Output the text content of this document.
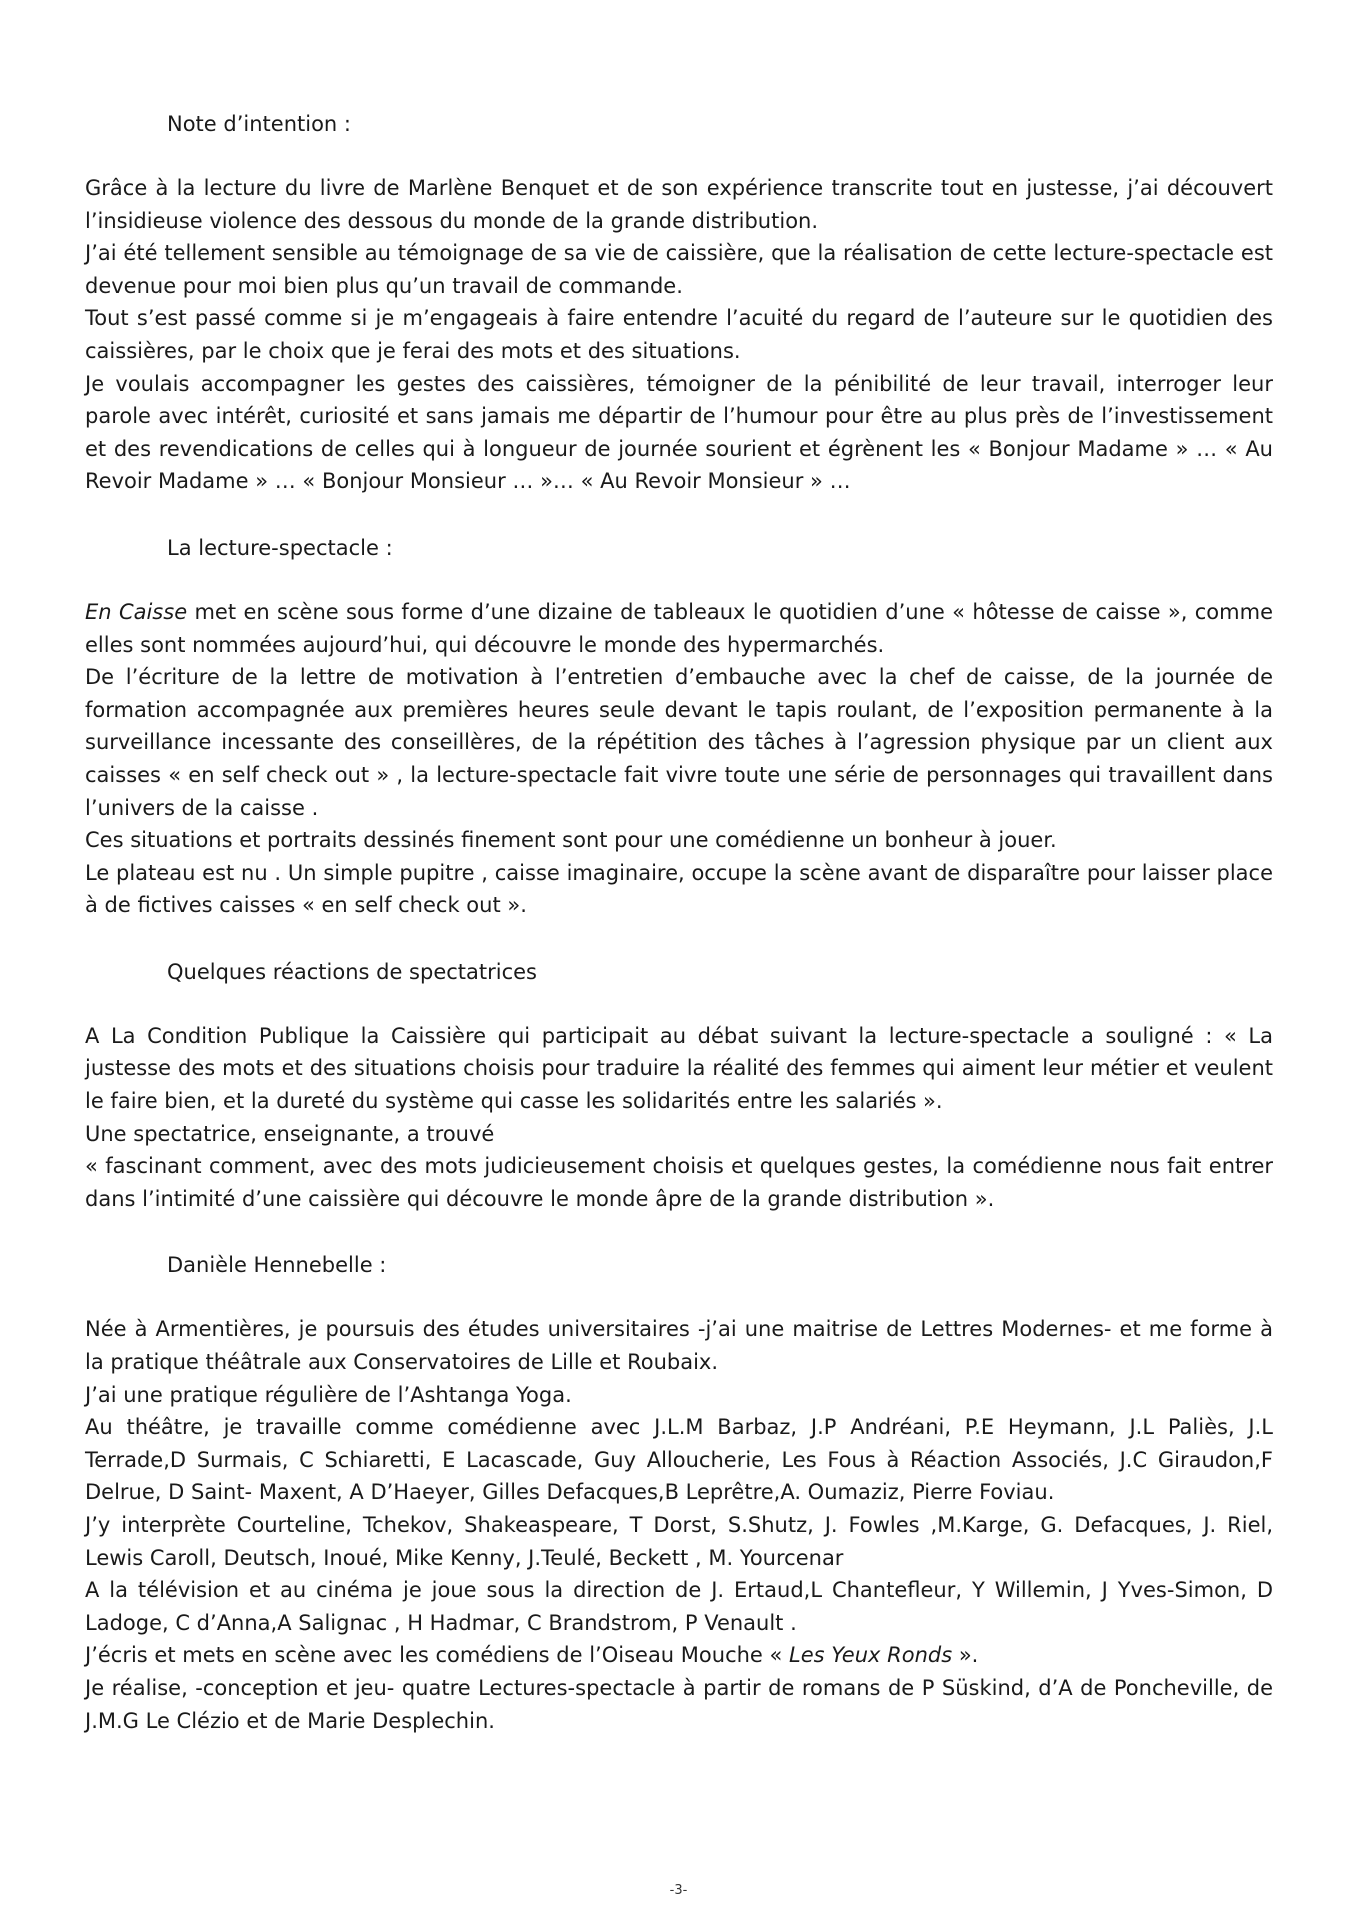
Note d’intention :

Grâce à la lecture du livre de Marlène Benquet et de son expérience transcrite tout en justesse, j’ai découvert l’insidieuse violence des dessous du monde de la grande distribution.

J’ai été tellement sensible au témoignage de sa vie de caissière, que la réalisation de cette lecture-spectacle est devenue pour moi bien plus qu’un travail de commande.

Tout s’est passé comme si je m’engageais à faire entendre l’acuité du regard de l’auteure sur le quotidien des caissières, par le choix que je ferai des mots et des situations.

Je voulais accompagner les gestes des caissières, témoigner de la pénibilité de leur travail, interroger leur parole avec intérêt, curiosité et sans jamais me départir de l’humour pour être au plus près de l’investissement et des revendications de celles qui à longueur de journée sourient et égrènent les « Bonjour Madame » … « Au Revoir Madame » … « Bonjour Monsieur … »… « Au Revoir Monsieur » …

La lecture-spectacle :

En Caisse met en scène sous forme d’une dizaine de tableaux le quotidien d’une « hôtesse de caisse », comme elles sont nommées aujourd’hui, qui découvre le monde des hypermarchés.

De l’écriture de la lettre de motivation à l’entretien d’embauche avec la chef de caisse, de la journée de formation accompagnée aux premières heures seule devant le tapis roulant, de l’exposition permanente à la surveillance incessante des conseillères, de la répétition des tâches à l’agression physique par un client aux caisses « en self check out » , la lecture-spectacle fait vivre toute une série de personnages qui travaillent dans l’univers de la caisse .

Ces situations et portraits dessinés finement sont pour une comédienne un bonheur à jouer.

Le plateau est nu . Un simple pupitre , caisse imaginaire, occupe la scène avant de disparaître pour laisser place à de fictives caisses « en self check out ».

Quelques réactions de spectatrices

A La Condition Publique la Caissière qui participait au débat suivant la lecture-spectacle a souligné : « La justesse des mots et des situations choisis pour traduire la réalité des femmes qui aiment leur métier et veulent le faire bien, et la dureté du système qui casse les solidarités entre les salariés ».

Une spectatrice, enseignante, a trouvé

« fascinant comment, avec des mots judicieusement choisis et quelques gestes, la comédienne nous fait entrer dans l’intimité d’une caissière qui découvre le monde âpre de la grande distribution ».

Danièle Hennebelle :

Née à Armentières, je poursuis des études universitaires -j’ai une maitrise de Lettres Modernes- et me forme à la pratique théâtrale aux Conservatoires de Lille et Roubaix.

J’ai une pratique régulière de l’Ashtanga Yoga.

Au théâtre, je travaille comme comédienne avec J.L.M Barbaz, J.P Andréani, P.E Heymann, J.L Paliès, J.L Terrade,D Surmais, C Schiaretti, E Lacascade, Guy Alloucherie, Les Fous à Réaction Associés, J.C Giraudon,F Delrue, D Saint- Maxent, A D’Haeyer, Gilles Defacques,B Leprêtre,A. Oumaziz, Pierre Foviau.

J’y interprète Courteline, Tchekov, Shakeaspeare, T Dorst, S.Shutz, J. Fowles ,M.Karge, G. Defacques, J. Riel, Lewis Caroll, Deutsch, Inoué, Mike Kenny, J.Teulé, Beckett , M. Yourcenar

A la télévision et au cinéma je joue sous la direction de J. Ertaud,L Chantefleur, Y Willemin, J Yves-Simon, D Ladoge, C d’Anna,A Salignac , H Hadmar, C Brandstrom, P Venault .

J’écris et mets en scène avec les comédiens de l’Oiseau Mouche « Les Yeux Ronds ».

Je réalise, -conception et jeu- quatre Lectures-spectacle à partir de romans de P Süskind, d’A de Poncheville, de J.M.G Le Clézio et de Marie Desplechin.

-3-
